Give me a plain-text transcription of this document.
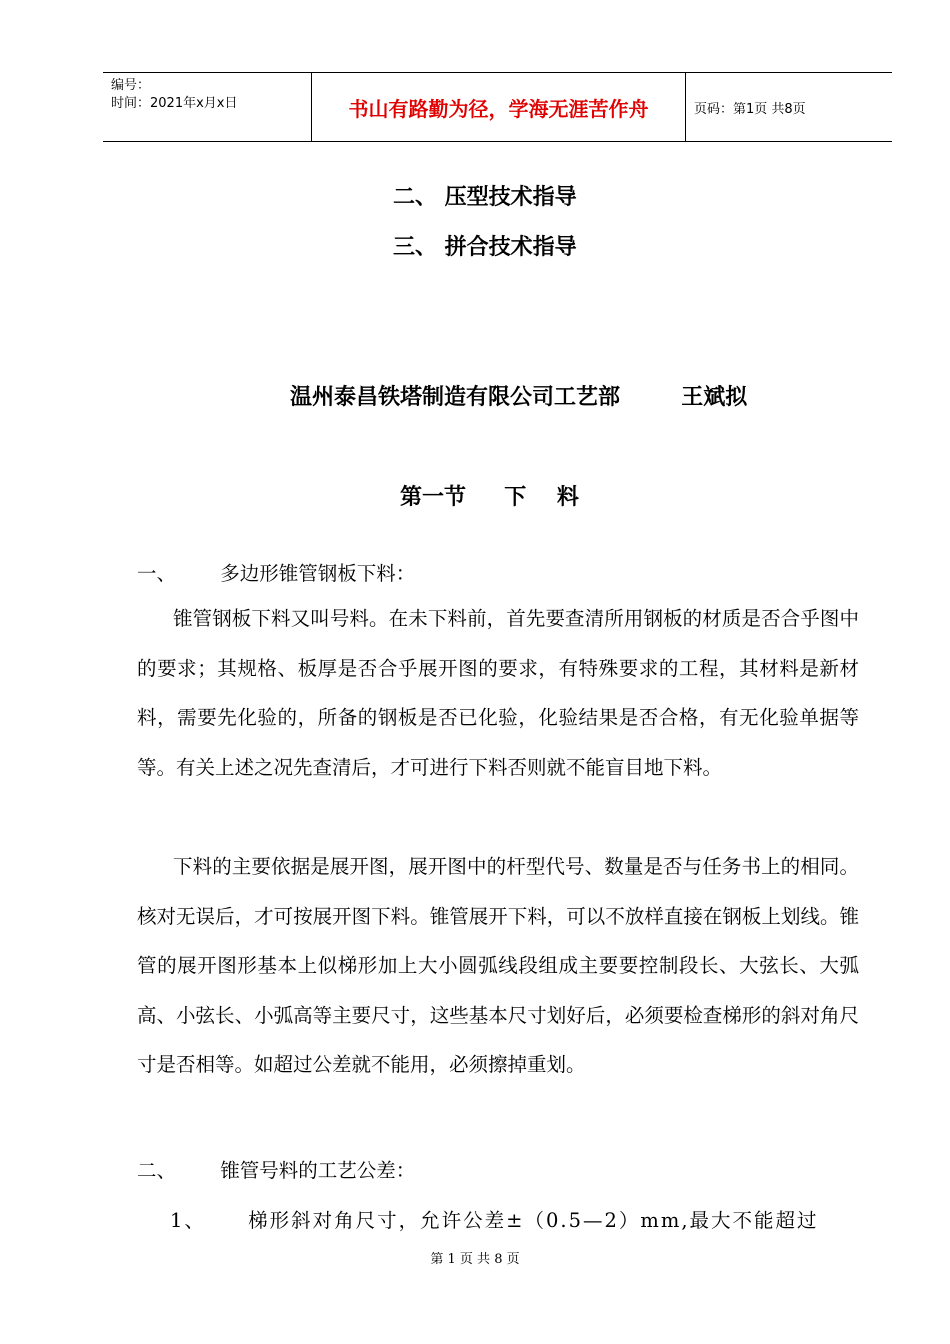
编号：
时间：2021年x月x日	书山有路勤为径，学海无涯苦作舟	页码：第1页 共8页
二、 压型技术指导
三、 拼合技术指导
温州泰昌铁塔制造有限公司工艺部        王斌拟
第一节     下    料
一、 多边形锥管钢板下料：
锥管钢板下料又叫号料。在未下料前，首先要查清所用钢板的材质是否合乎图中的要求；其规格、板厚是否合乎展开图的要求，有特殊要求的工程，其材料是新材料，需要先化验的，所备的钢板是否已化验，化验结果是否合格，有无化验单据等等。有关上述之况先查清后，才可进行下料否则就不能盲目地下料。
下料的主要依据是展开图，展开图中的杆型代号、数量是否与任务书上的相同。核对无误后，才可按展开图下料。锥管展开下料，可以不放样直接在钢板上划线。锥管的展开图形基本上似梯形加上大小圆弧线段组成主要要控制段长、大弦长、大弧高、小弦长、小弧高等主要尺寸，这些基本尺寸划好后，必须要检查梯形的斜对角尺寸是否相等。如超过公差就不能用，必须擦掉重划。
二、 锥管号料的工艺公差：
1、 梯形斜对角尺寸，允许公差±（0.5—2）mm,最大不能超过
第 1 页 共 8 页
